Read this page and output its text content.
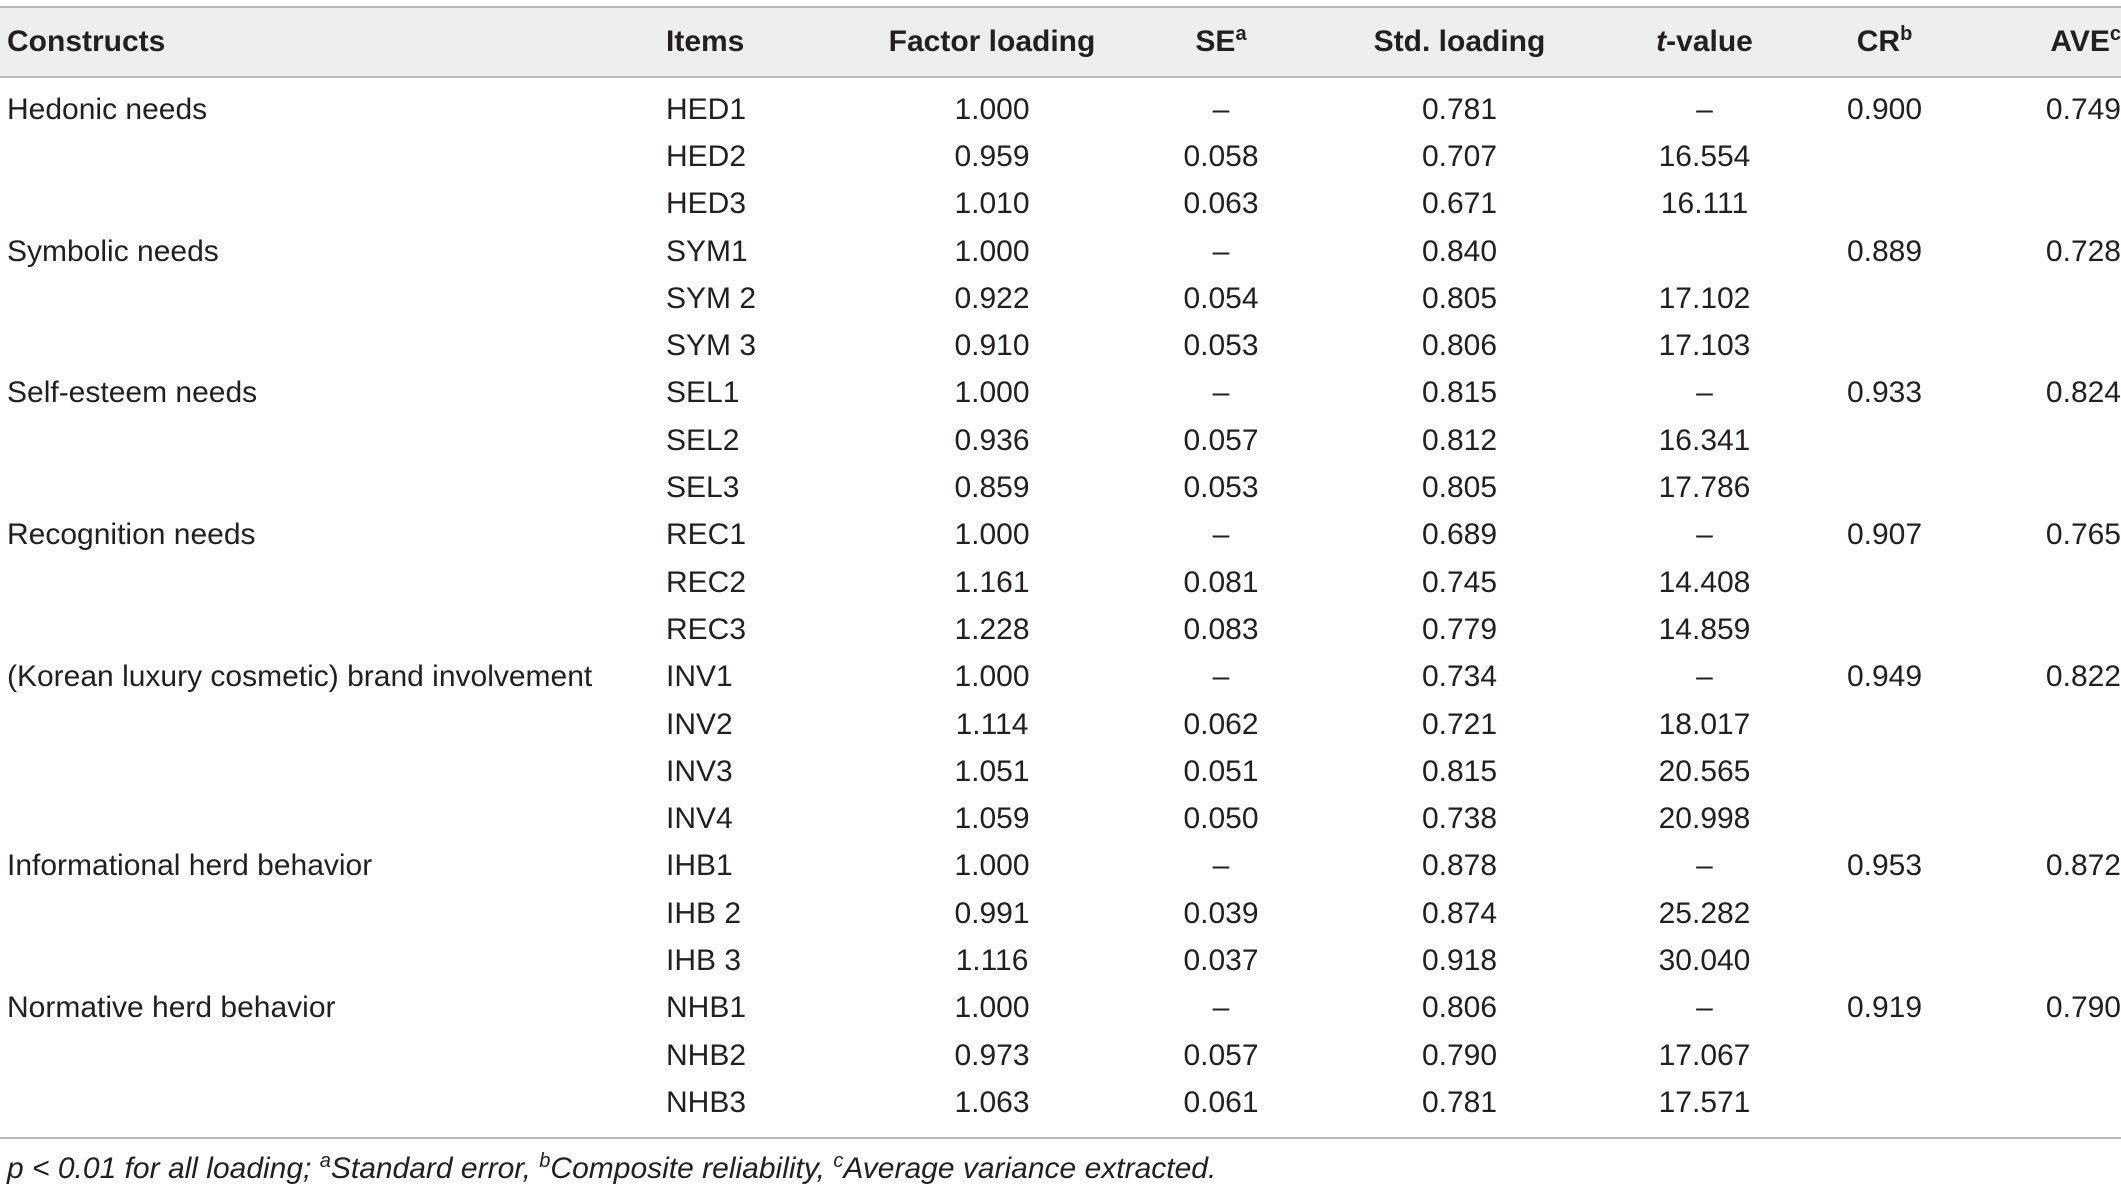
Constructs	Items	Factor loading	$SE^a$	Std. loading	t-value	$CR^b$	AVE$^c$
Hedonic needs	HED1	1.000	–	0.781	–	0.900	0.749
	HED2	0.959	0.058	0.707	16.554		
	HED3	1.010	0.063	0.671	16.111		
Symbolic needs	SYM1	1.000	–	0.840		0.889	0.728
	SYM 2	0.922	0.054	0.805	17.102		
	SYM 3	0.910	0.053	0.806	17.103		
Self-esteem needs	SEL1	1.000	–	0.815	–	0.933	0.824
	SEL2	0.936	0.057	0.812	16.341		
	SEL3	0.859	0.053	0.805	17.786		
Recognition needs	REC1	1.000	–	0.689	–	0.907	0.765
	REC2	1.161	0.081	0.745	14.408		
	REC3	1.228	0.083	0.779	14.859		
(Korean luxury cosmetic) brand involvement	INV1	1.000	–	0.734	–	0.949	0.822
	INV2	1.114	0.062	0.721	18.017		
	INV3	1.051	0.051	0.815	20.565		
	INV4	1.059	0.050	0.738	20.998		
Informational herd behavior	IHB1	1.000	–	0.878	–	0.953	0.872
	IHB 2	0.991	0.039	0.874	25.282		
	IHB 3	1.116	0.037	0.918	30.040		
Normative herd behavior	NHB1	1.000	–	0.806	–	0.919	0.790
	NHB2	0.973	0.057	0.790	17.067		
	NHB3	1.063	0.061	0.781	17.571		
p < 0.01 for all loading; $^a$Standard error, $^b$Composite reliability, $^c$Average variance extracted.
